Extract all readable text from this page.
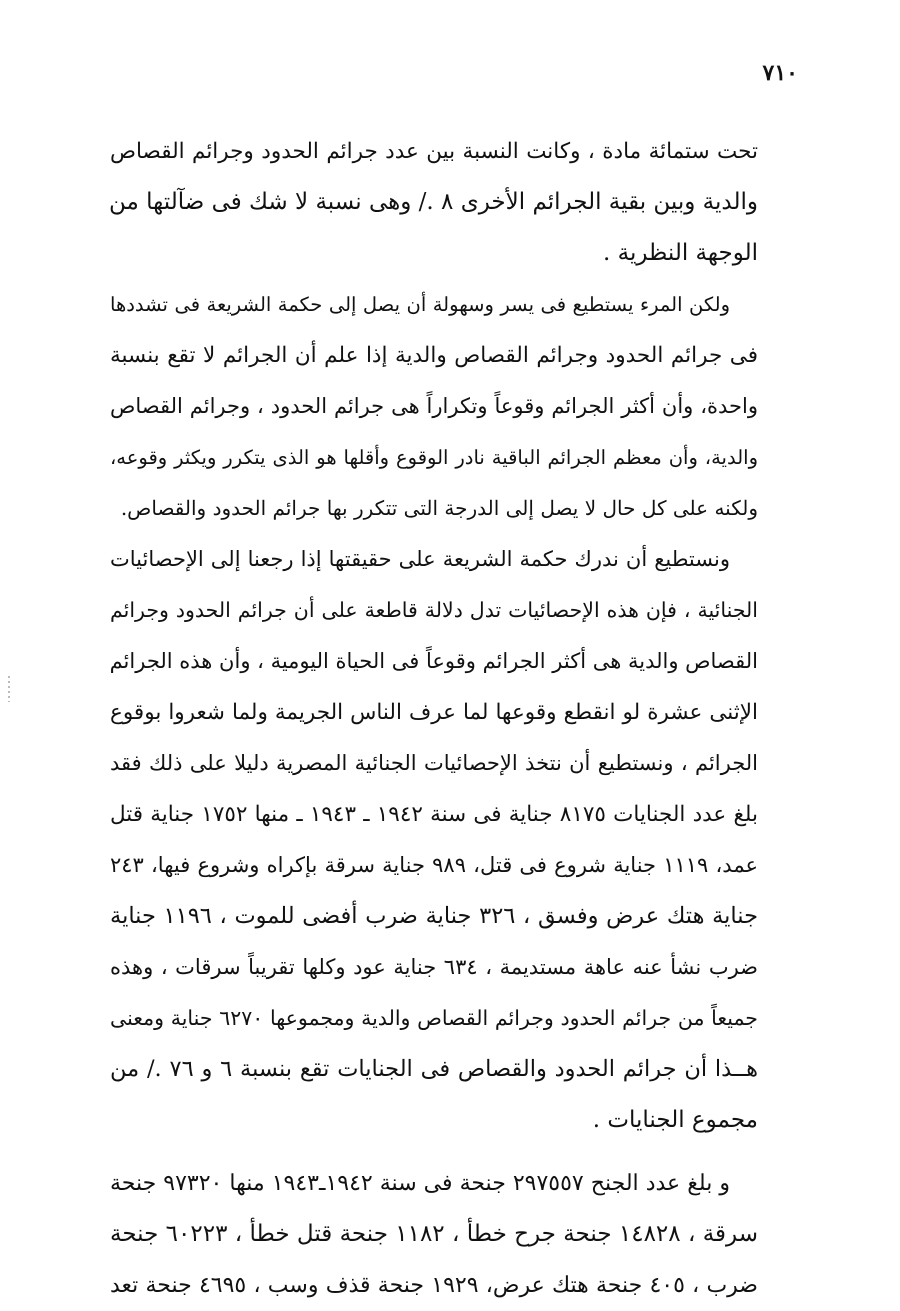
٧١٠
تحت ستمائة مادة ، وكانت النسبة بين عدد جرائم الحدود وجرائم القصاص
والدية وبين بقية الجرائم الأخرى ٨ ./ وهى نسبة لا شك فى ضآلتها من
الوجهة النظرية .
ولكن المرء يستطيع فى يسر وسهولة أن يصل إلى حكمة الشريعة فى تشددها
فى جرائم الحدود وجرائم القصاص والدية إذا علم أن الجرائم لا تقع بنسبة
واحدة، وأن أكثر الجرائم وقوعاً وتكراراً هى جرائم الحدود ، وجرائم القصاص
والدية، وأن معظم الجرائم الباقية نادر الوقوع وأقلها هو الذى يتكرر ويكثر وقوعه،
ولكنه على كل حال لا يصل إلى الدرجة التى تتكرر بها جرائم الحدود والقصاص.
ونستطيع أن ندرك حكمة الشريعة على حقيقتها إذا رجعنا إلى الإحصائيات
الجنائية ، فإن هذه الإحصائيات تدل دلالة قاطعة على أن جرائم الحدود وجرائم
القصاص والدية هى أكثر الجرائم وقوعاً فى الحياة اليومية ، وأن هذه الجرائم
الإثنى عشرة لو انقطع وقوعها لما عرف الناس الجريمة ولما شعروا بوقوع
الجرائم ، ونستطيع أن نتخذ الإحصائيات الجنائية المصرية دليلا على ذلك فقد
بلغ عدد الجنايات ٨١٧٥ جناية فى سنة ١٩٤٢ ـ ١٩٤٣ ـ منها ١٧٥٢ جناية قتل
عمد، ١١١٩ جناية شروع فى قتل، ٩٨٩ جناية سرقة بإكراه وشروع فيها، ٢٤٣
جناية هتك عرض وفسق ، ٣٢٦ جناية ضرب أفضى للموت ، ١١٩٦ جناية
ضرب نشأ عنه عاهة مستديمة ، ٦٣٤ جناية عود وكلها تقريباً سرقات ، وهذه
جميعاً من جرائم الحدود وجرائم القصاص والدية ومجموعها ٦٢٧٠ جناية ومعنى
هــذا أن جرائم الحدود والقصاص فى الجنايات تقع بنسبة ٦ و ٧٦ ./ من
مجموع الجنايات .
و بلغ عدد الجنح ٢٩٧٥٥٧ جنحة فى سنة ١٩٤٢ـ١٩٤٣ منها ٩٧٣٢٠ جنحة
سرقة ، ١٤٨٢٨ جنحة جرح خطأ ، ١١٨٢ جنحة قتل خطأ ، ٦٠٢٢٣ جنحة
ضرب ، ٤٠٥ جنحة هتك عرض، ١٩٢٩ جنحة قذف وسب ، ٤٦٩٥ جنحة تعد
